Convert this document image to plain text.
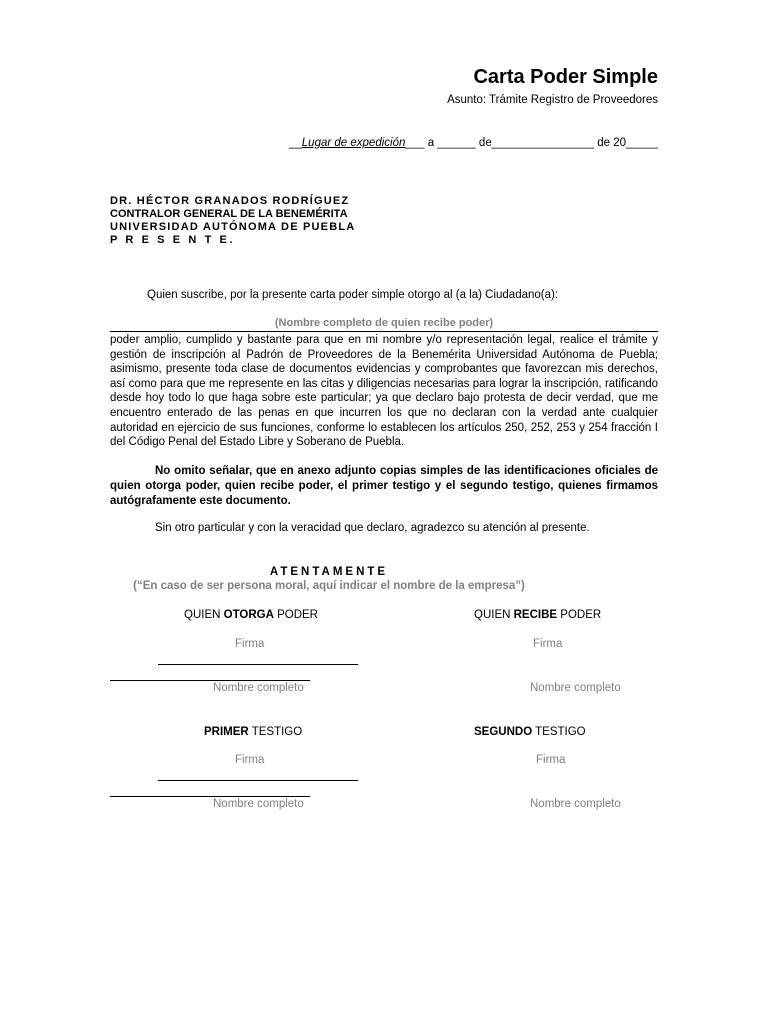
Carta Poder Simple
Asunto: Trámite Registro de Proveedores
__Lugar de expedición___ a ______ de________________ de 20_____
DR. HÉCTOR GRANADOS RODRÍGUEZ
CONTRALOR GENERAL DE LA BENEMÉRITA
UNIVERSIDAD AUTÓNOMA DE PUEBLA
P R E S E N T E.
Quien suscribe, por la presente carta poder simple otorgo al (a la) Ciudadano(a):
(Nombre completo de quien recibe poder)

poder amplio, cumplido y bastante para que en mi nombre y/o representación legal, realice el trámite y gestión de inscripción al Padrón de Proveedores de la Benemérita Universidad Autónoma de Puebla; asimismo, presente toda clase de documentos evidencias y comprobantes que favorezcan mis derechos, así como para que me represente en las citas y diligencias necesarias para lograr la inscripción, ratificando desde hoy todo lo que haga sobre este particular; ya que declaro bajo protesta de decir verdad, que me encuentro enterado de las penas en que incurren los que no declaran con la verdad ante cualquier autoridad en ejercicio de sus funciones, conforme lo establecen los artículos 250, 252, 253 y 254 fracción I del Código Penal del Estado Libre y Soberano de Puebla.

No omito señalar, que en anexo adjunto copias simples de las identificaciones oficiales de quien otorga poder, quien recibe poder, el primer testigo y el segundo testigo, quienes firmamos autógrafamente este documento.

Sin otro particular y con la veracidad que declaro, agradezco su atención al presente.
ATENTAMENTE
(“En caso de ser persona moral, aquí indicar el nombre de la empresa”)
QUIEN OTORGA PODER
Firma
Nombre completo
QUIEN RECIBE PODER
Firma
Nombre completo
PRIMER TESTIGO
Firma
Nombre completo
SEGUNDO TESTIGO
Firma
Nombre completo
